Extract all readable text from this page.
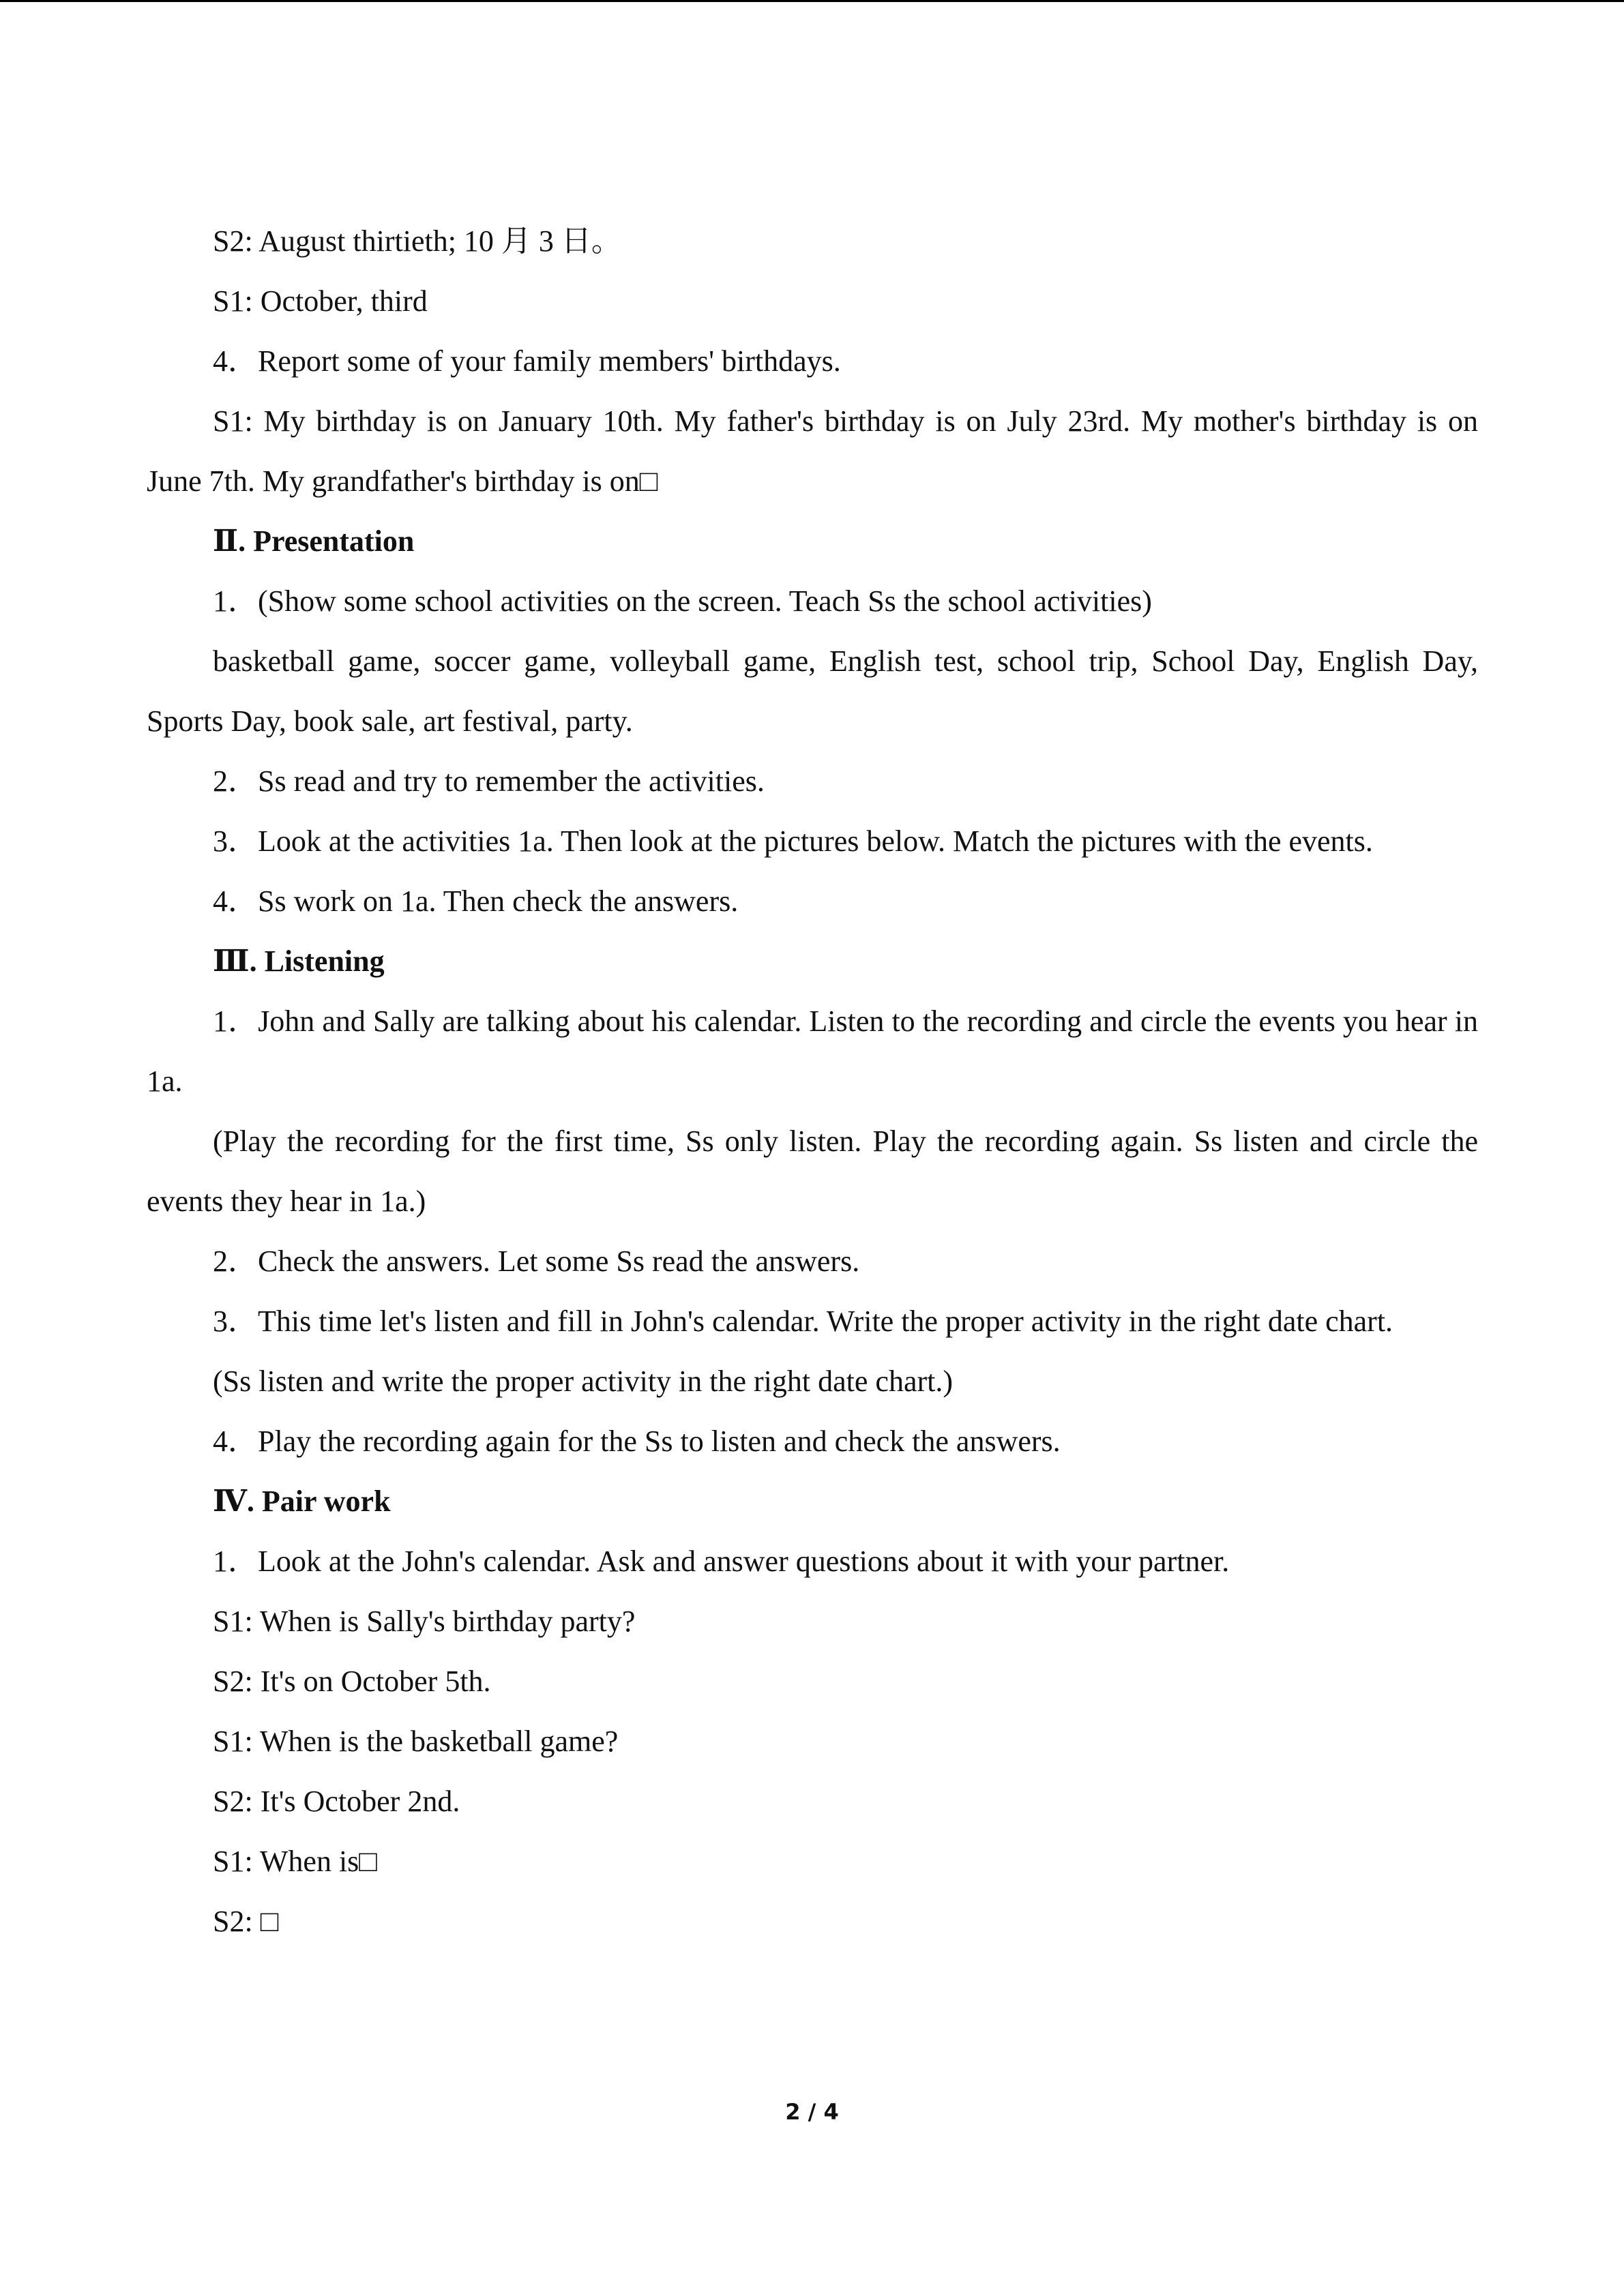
S2: August thirtieth; 10 月 3 日。

S1: October, third

4．Report some of your family members' birthdays.

S1: My birthday is on January 10th. My father's birthday is on July 23rd. My mother's birthday is on June 7th. My grandfather's birthday is on□

Ⅱ. Presentation

1．(Show some school activities on the screen. Teach Ss the school activities)

basketball game, soccer game, volleyball game, English test, school trip, School Day, English Day, Sports Day, book sale, art festival, party.

2．Ss read and try to remember the activities.

3．Look at the activities 1a. Then look at the pictures below. Match the pictures with the events.

4．Ss work on 1a. Then check the answers.

Ⅲ. Listening

1．John and Sally are talking about his calendar. Listen to the recording and circle the events you hear in 1a.

(Play the recording for the first time, Ss only listen. Play the recording again. Ss listen and circle the events they hear in 1a.)

2．Check the answers. Let some Ss read the answers.

3．This time let's listen and fill in John's calendar. Write the proper activity in the right date chart.

(Ss listen and write the proper activity in the right date chart.)

4．Play the recording again for the Ss to listen and check the answers.

Ⅳ. Pair work

1．Look at the John's calendar. Ask and answer questions about it with your partner.

S1: When is Sally's birthday party?

S2: It's on October 5th.

S1: When is the basketball game?

S2: It's October 2nd.

S1: When is□

S2: □

2 / 4
